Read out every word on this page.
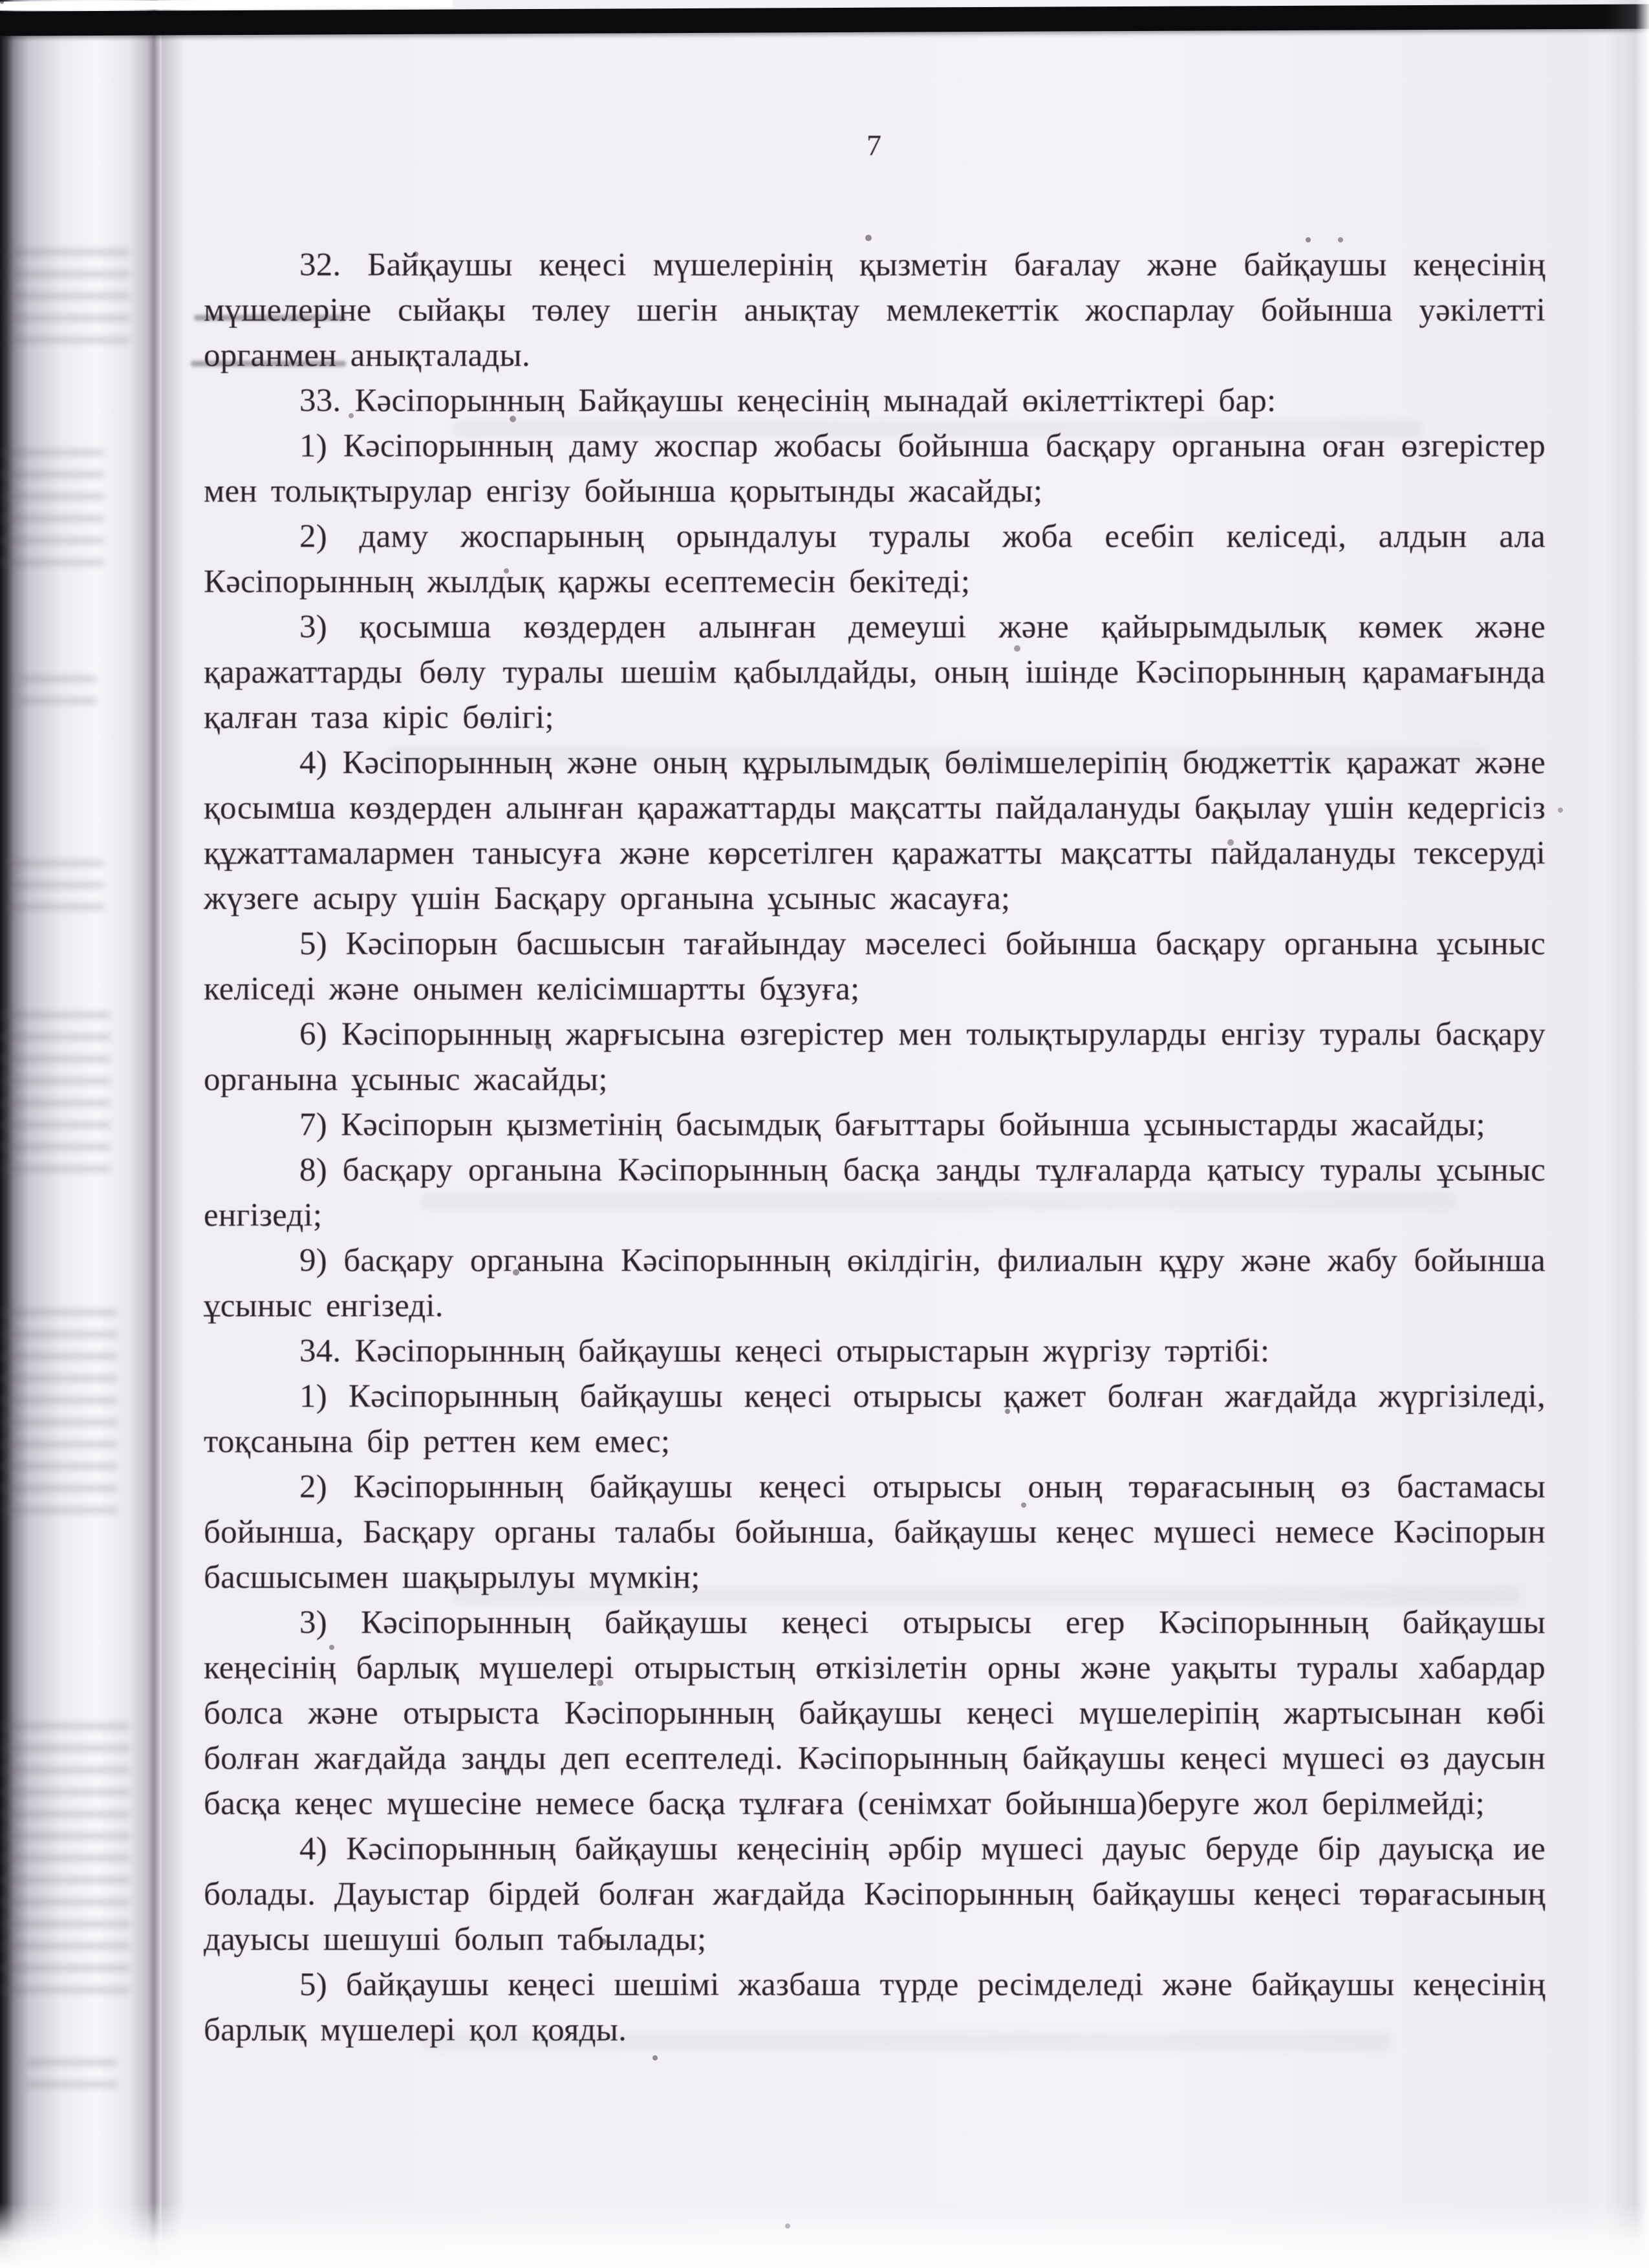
7

32. Байқаушы кеңесі мүшелерінің қызметін бағалау және байқаушы кеңесінің мүшелеріне сыйақы төлеу шегін анықтау мемлекеттік жоспарлау бойынша уәкілетті органмен анықталады.

33. Кәсіпорынның Байқаушы кеңесінің мынадай өкілеттіктері бар:

1) Кәсіпорынның даму жоспар жобасы бойынша басқару органына оған өзгерістер мен толықтырулар енгізу бойынша қорытынды жасайды;

2) даму жоспарының орындалуы туралы жоба есебіп келіседі, алдын ала Кәсіпорынның жылдық қаржы есептемесін бекітеді;

3) қосымша көздерден алынған демеуші және қайырымдылық көмек және қаражаттарды бөлу туралы шешім қабылдайды, оның ішінде Кәсіпорынның қарамағында қалған таза кіріс бөлігі;

4) Кәсіпорынның және оның құрылымдық бөлімшелеріпің бюджеттік қаражат және қосымша көздерден алынған қаражаттарды мақсатты пайдалануды бақылау үшін кедергісіз құжаттамалармен танысуға және көрсетілген қаражатты мақсатты пайдалануды тексеруді жүзеге асыру үшін Басқару органына ұсыныс жасауға;

5) Кәсіпорын басшысын тағайындау мәселесі бойынша басқару органына ұсыныс келіседі және онымен келісімшартты бұзуға;

6) Кәсіпорынның жарғысына өзгерістер мен толықтыруларды енгізу туралы басқару органына ұсыныс жасайды;

7) Кәсіпорын қызметінің басымдық бағыттары бойынша ұсыныстарды жасайды;

8) басқару органына Кәсіпорынның басқа заңды тұлғаларда қатысу туралы ұсыныс енгізеді;

9) басқару органына Кәсіпорынның өкілдігін, филиалын құру және жабу бойынша ұсыныс енгізеді.

34. Кәсіпорынның байқаушы кеңесі отырыстарын жүргізу тәртібі:

1) Кәсіпорынның байқаушы кеңесі отырысы қажет болған жағдайда жүргізіледі, тоқсанына бір реттен кем емес;

2) Кәсіпорынның байқаушы кеңесі отырысы оның төрағасының өз бастамасы бойынша, Басқару органы талабы бойынша, байқаушы кеңес мүшесі немесе Кәсіпорын басшысымен шақырылуы мүмкін;

3) Кәсіпорынның байқаушы кеңесі отырысы егер Кәсіпорынның байқаушы кеңесінің барлық мүшелері отырыстың өткізілетін орны және уақыты туралы хабардар болса және отырыста Кәсіпорынның байқаушы кеңесі мүшелеріпің жартысынан көбі болған жағдайда заңды деп есептеледі. Кәсіпорынның байқаушы кеңесі мүшесі өз даусын басқа кеңес мүшесіне немесе басқа тұлғаға (сенімхат бойынша)беруге жол берілмейді;

4) Кәсіпорынның байқаушы кеңесінің әрбір мүшесі дауыс беруде бір дауысқа ие болады. Дауыстар бірдей болған жағдайда Кәсіпорынның байқаушы кеңесі төрағасының дауысы шешуші болып табылады;

5) байқаушы кеңесі шешімі жазбаша түрде ресімделеді және байқаушы кеңесінің барлық мүшелері қол қояды.
